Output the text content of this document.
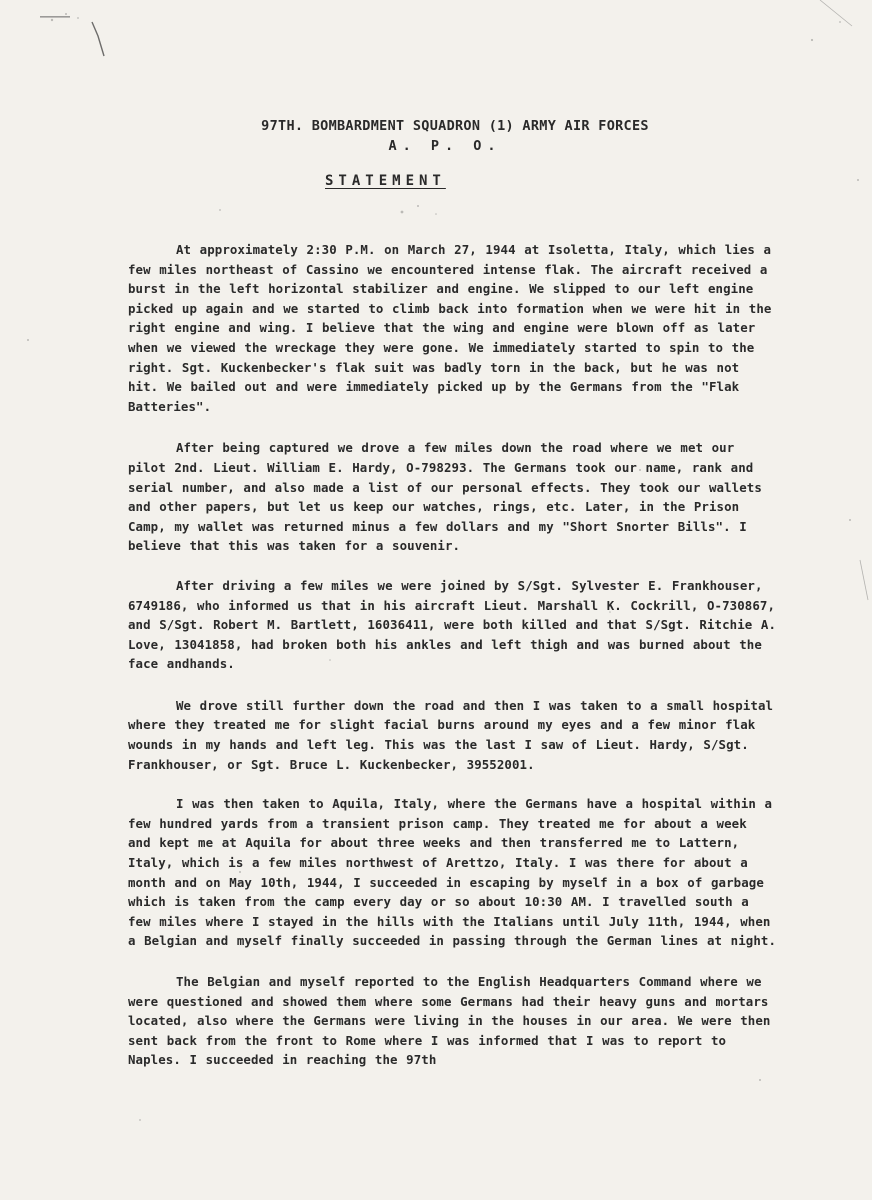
97TH. BOMBARDMENT SQUADRON (1) ARMY AIR FORCES
A. P. O.
STATEMENT

At approximately 2:30 P.M. on March 27, 1944 at Isoletta, Italy, which lies a few miles northeast of Cassino we encountered intense flak. The aircraft received a burst in the left horizontal stabilizer and engine. We slipped to our left engine picked up again and we started to climb back into formation when we were hit in the right engine and wing. I believe that the wing and engine were blown off as later when we viewed the wreckage they were gone. We immediately started to spin to the right. Sgt. Kuckenbecker's flak suit was badly torn in the back, but he was not hit. We bailed out and were immediately picked up by the Germans from the "Flak Batteries".

After being captured we drove a few miles down the road where we met our pilot 2nd. Lieut. William E. Hardy, O-798293. The Germans took our name, rank and serial number, and also made a list of our personal effects. They took our wallets and other papers, but let us keep our watches, rings, etc. Later, in the Prison Camp, my wallet was returned minus a few dollars and my "Short Snorter Bills". I believe that this was taken for a souvenir.

After driving a few miles we were joined by S/Sgt. Sylvester E. Frankhouser, 6749186, who informed us that in his aircraft Lieut. Marshall K. Cockrill, O-730867, and S/Sgt. Robert M. Bartlett, 16036411, were both killed and that S/Sgt. Ritchie A. Love, 13041858, had broken both his ankles and left thigh and was burned about the face andhands.

We drove still further down the road and then I was taken to a small hospital where they treated me for slight facial burns around my eyes and a few minor flak wounds in my hands and left leg. This was the last I saw of Lieut. Hardy, S/Sgt. Frankhouser, or Sgt. Bruce L. Kuckenbecker, 39552001.

I was then taken to Aquila, Italy, where the Germans have a hospital within a few hundred yards from a transient prison camp. They treated me for about a week and kept me at Aquila for about three weeks and then transferred me to Lattern, Italy, which is a few miles northwest of Arettzo, Italy. I was there for about a month and on May 10th, 1944, I succeeded in escaping by myself in a box of garbage which is taken from the camp every day or so about 10:30 AM. I travelled south a few miles where I stayed in the hills with the Italians until July 11th, 1944, when a Belgian and myself finally succeeded in passing through the German lines at night.

The Belgian and myself reported to the English Headquarters Command where we were questioned and showed them where some Germans had their heavy guns and mortars located, also where the Germans were living in the houses in our area. We were then sent back from the front to Rome where I was informed that I was to report to Naples. I succeeded in reaching the 97th
